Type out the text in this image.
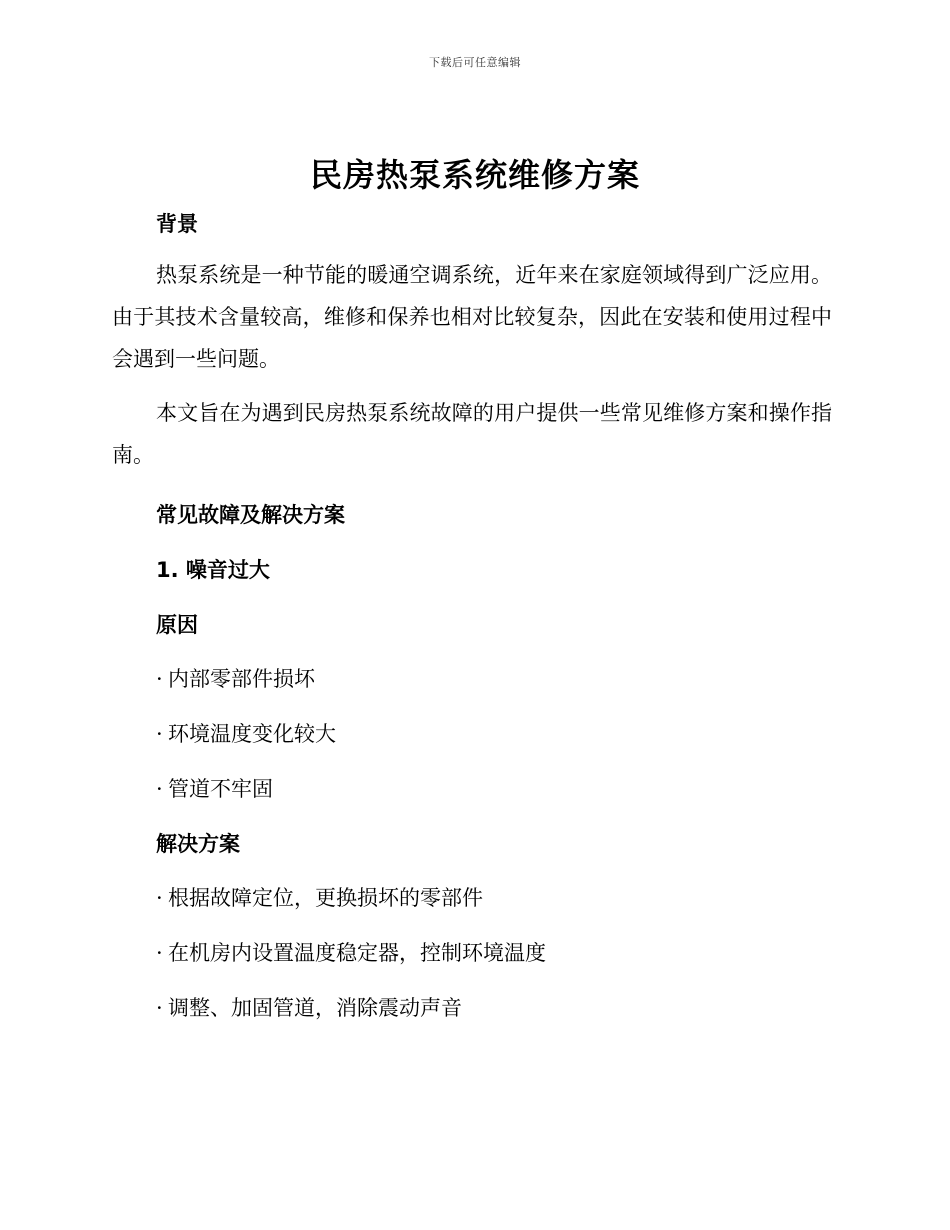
下载后可任意编辑
民房热泵系统维修方案
背景
热泵系统是一种节能的暖通空调系统，近年来在家庭领域得到广泛应用。由于其技术含量较高，维修和保养也相对比较复杂，因此在安装和使用过程中会遇到一些问题。
本文旨在为遇到民房热泵系统故障的用户提供一些常见维修方案和操作指南。
常见故障及解决方案
1. 噪音过大
原因
· 内部零部件损坏
· 环境温度变化较大
· 管道不牢固
解决方案
· 根据故障定位，更换损坏的零部件
· 在机房内设置温度稳定器，控制环境温度
· 调整、加固管道，消除震动声音
